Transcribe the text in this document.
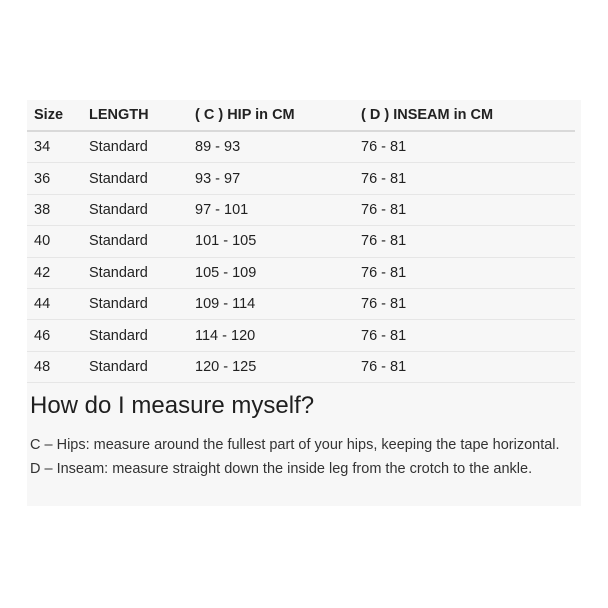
Size	LENGTH	( C ) HIP in CM	( D ) INSEAM in CM
34	Standard	89 - 93	76 - 81
36	Standard	93 - 97	76 - 81
38	Standard	97 - 101	76 - 81
40	Standard	101 - 105	76 - 81
42	Standard	105 - 109	76 - 81
44	Standard	109 - 114	76 - 81
46	Standard	114 - 120	76 - 81
48	Standard	120 - 125	76 - 81
How do I measure myself?
C – Hips: measure around the fullest part of your hips, keeping the tape horizontal.
D – Inseam: measure straight down the inside leg from the crotch to the ankle.
